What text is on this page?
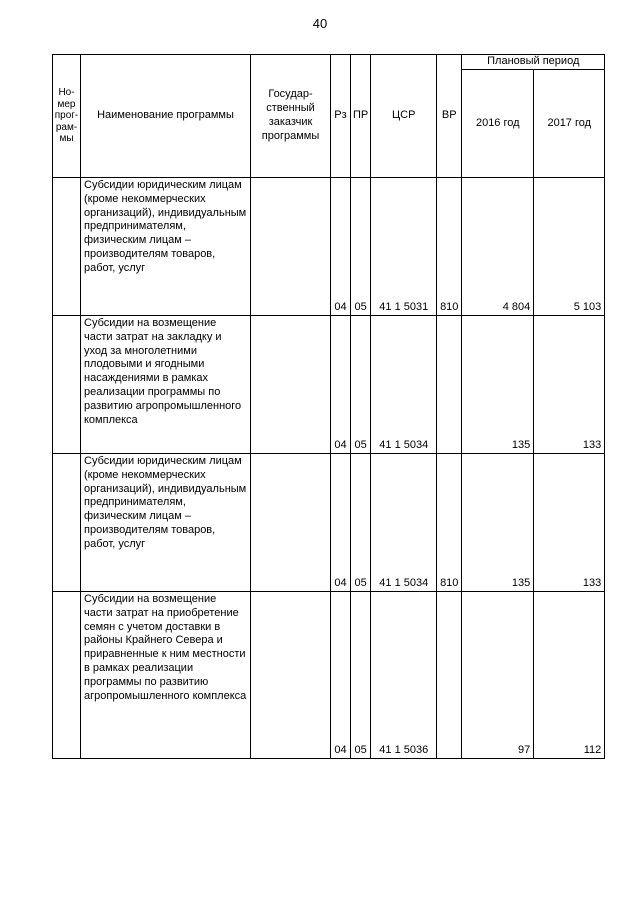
40
Но-
мер
прог-
рам-
мы	Наименование программы	Государ-
ственный
заказчик
программы	Рз	ПР	ЦСР	ВР	Плановый период	
							2016 год	2017 год
	Субсидии юридическим лицам (кроме некоммерческих организаций), индивидуальным предпринимателям, физическим лицам – производителям товаров, работ, услуг		04	05	41 1 5031	810	4 804	5 103
	Субсидии на возмещение части затрат на закладку и уход за многолетними плодовыми и ягодными насаждениями в рамках реализации программы по развитию агропромышленного комплекса		04	05	41 1 5034		135	133
	Субсидии юридическим лицам (кроме некоммерческих организаций), индивидуальным предпринимателям, физическим лицам – производителям товаров, работ, услуг		04	05	41 1 5034	810	135	133
	Субсидии на возмещение части затрат на приобретение семян с учетом доставки в районы Крайнего Севера и приравненные к ним местности в рамках реализации программы по развитию агропромышленного комплекса		04	05	41 1 5036		97	112
